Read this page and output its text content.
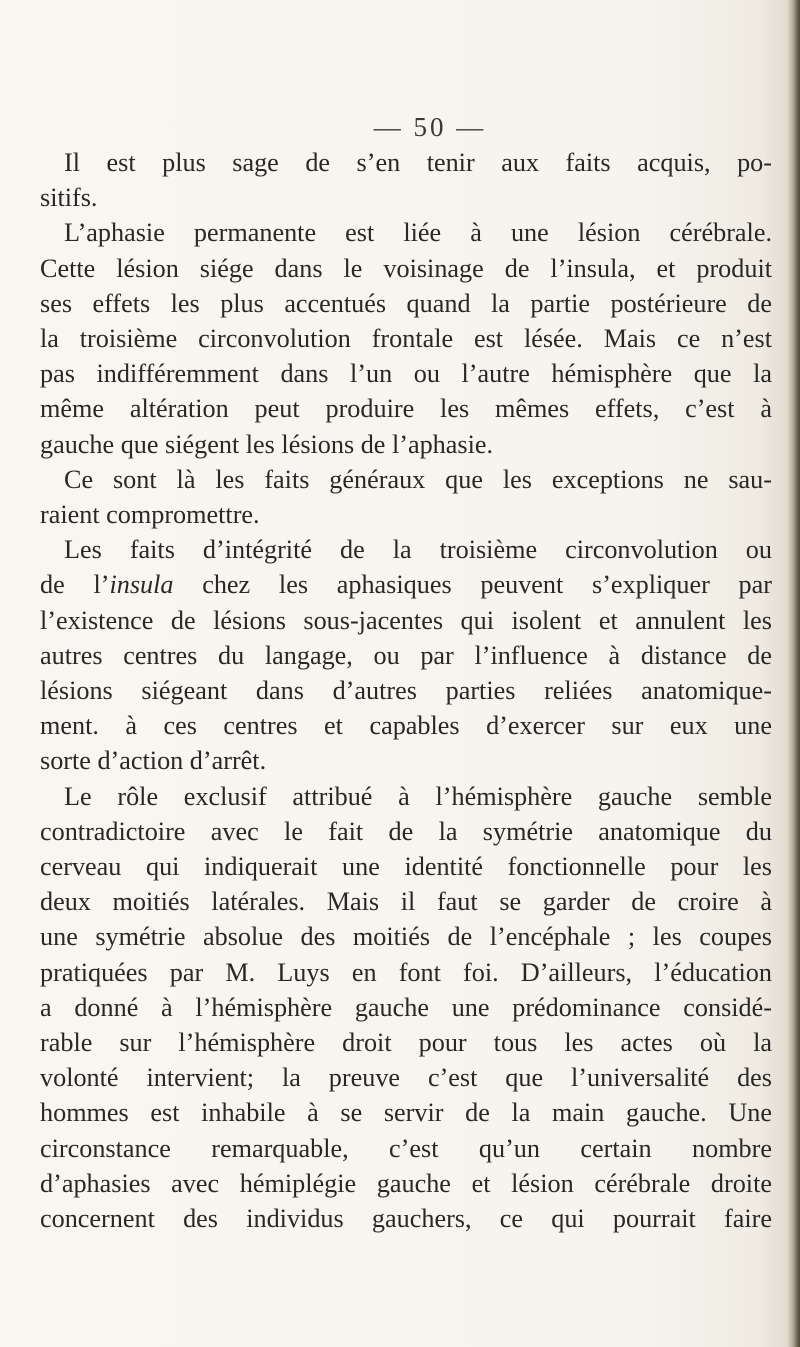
— 50 —

Il est plus sage de s’en tenir aux faits acquis, po-
sitifs.

L’aphasie permanente est liée à une lésion cérébrale.
Cette lésion siége dans le voisinage de l’insula, et produit
ses effets les plus accentués quand la partie postérieure de
la troisième circonvolution frontale est lésée. Mais ce n’est
pas indifféremment dans l’un ou l’autre hémisphère que la
même altération peut produire les mêmes effets, c’est à
gauche que siégent les lésions de l’aphasie.

Ce sont là les faits généraux que les exceptions ne sau-
raient compromettre.

Les faits d’intégrité de la troisième circonvolution ou
de l’insula chez les aphasiques peuvent s’expliquer par
l’existence de lésions sous-jacentes qui isolent et annulent les
autres centres du langage, ou par l’influence à distance de
lésions siégeant dans d’autres parties reliées anatomique-
ment. à ces centres et capables d’exercer sur eux une
sorte d’action d’arrêt.

Le rôle exclusif attribué à l’hémisphère gauche semble
contradictoire avec le fait de la symétrie anatomique du
cerveau qui indiquerait une identité fonctionnelle pour les
deux moitiés latérales. Mais il faut se garder de croire à
une symétrie absolue des moitiés de l’encéphale ; les coupes
pratiquées par M. Luys en font foi. D’ailleurs, l’éducation
a donné à l’hémisphère gauche une prédominance considé-
rable sur l’hémisphère droit pour tous les actes où la
volonté intervient; la preuve c’est que l’universalité des
hommes est inhabile à se servir de la main gauche. Une
circonstance remarquable, c’est qu’un certain nombre
d’aphasies avec hémiplégie gauche et lésion cérébrale droite
concernent des individus gauchers, ce qui pourrait faire
